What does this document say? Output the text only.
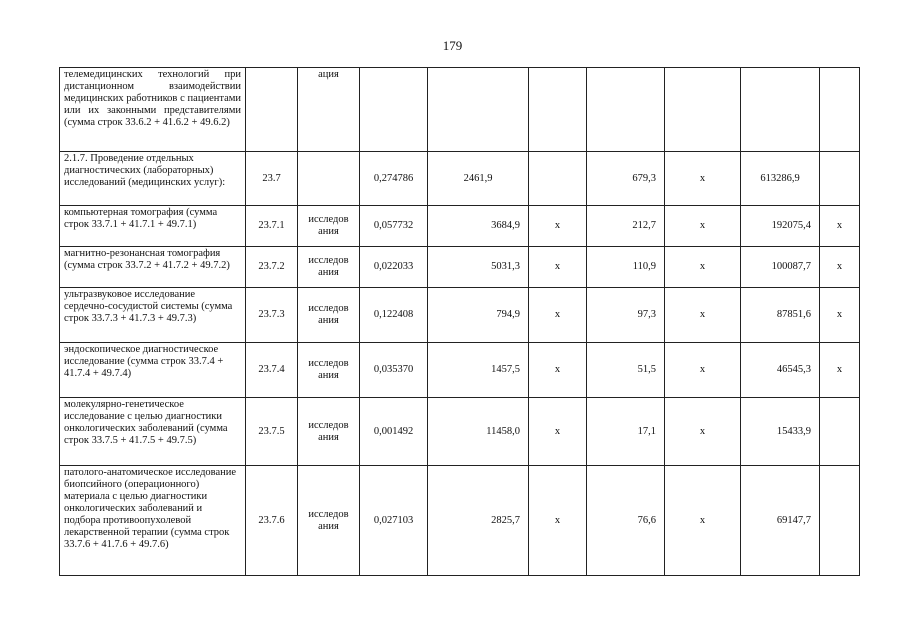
179
телемедицинских технологий при дистанционном взаимодействии медицинских работников с пациентами или их законными представителями (сумма строк 33.6.2 + 41.6.2 + 49.6.2)		ация							
2.1.7. Проведение отдельных диагностических (лабораторных) исследований (медицинских услуг):	23.7		0,274786	2461,9		679,3	х	613286,9	
компьютерная томография (сумма строк 33.7.1 + 41.7.1 + 49.7.1)	23.7.1	исследов ания	0,057732	3684,9	х	212,7	х	192075,4	х
магнитно-резонансная томография (сумма строк 33.7.2 + 41.7.2 + 49.7.2)	23.7.2	исследов ания	0,022033	5031,3	х	110,9	х	100087,7	х
ультразвуковое исследование сердечно-сосудистой системы (сумма строк 33.7.3 + 41.7.3 + 49.7.3)	23.7.3	исследов ания	0,122408	794,9	х	97,3	х	87851,6	х
эндоскопическое диагностическое исследование (сумма строк 33.7.4 + 41.7.4 + 49.7.4)	23.7.4	исследов ания	0,035370	1457,5	х	51,5	х	46545,3	х
молекулярно-генетическое исследование с целью диагностики онкологических заболеваний (сумма строк 33.7.5 + 41.7.5 + 49.7.5)	23.7.5	исследов ания	0,001492	11458,0	х	17,1	х	15433,9	
патолого-анатомическое исследование биопсийного (операционного) материала с целью диагностики онкологических заболеваний и подбора противоопухолевой лекарственной терапии (сумма строк 33.7.6 + 41.7.6 + 49.7.6)	23.7.6	исследов ания	0,027103	2825,7	х	76,6	х	69147,7	
